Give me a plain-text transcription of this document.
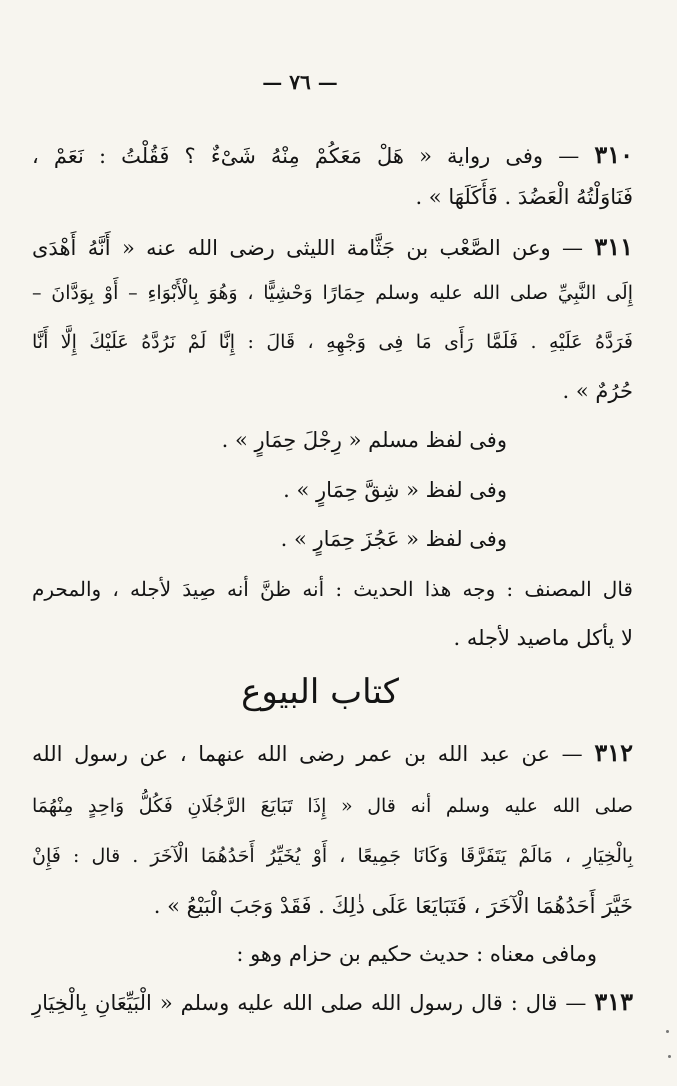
— ٧٦ —
٣١٠ — وفى رواية « هَلْ مَعَكُمْ مِنْهُ شَىْءٌ ؟ فَقُلْتُ : نَعَمْ ،
فَنَاوَلْتُهُ الْعَضُدَ . فَأَكَلَهَا » .
٣١١ — وعن الصَّعْب بن جَثَّامة الليثى رضى الله عنه « أَنَّهُ أَهْدَى
إِلَى النَّبِيِّ صلى الله عليه وسلم حِمَارًا وَحْشِيًّا ، وَهُوَ بِالْأَبْوَاءِ – أَوْ بِوَدَّانَ –
فَرَدَّهُ عَلَيْهِ . فَلَمَّا رَأَى مَا فِى وَجْهِهِ ، قَالَ : إِنَّا لَمْ نَرُدَّهُ عَلَيْكَ إِلَّا أَنَّا
حُرُمٌ » .
وفى لفظ مسلم « رِجْلَ حِمَارٍ » .
وفى لفظ « شِقَّ حِمَارٍ » .
وفى لفظ « عَجُزَ حِمَارٍ » .
قال المصنف : وجه هذا الحديث : أنه ظنَّ أنه صِيدَ لأجله ، والمحرم
لا يأكل ماصيد لأجله .
كتاب البيوع
٣١٢ — عن عبد الله بن عمر رضى الله عنهما ، عن رسول الله
صلى الله عليه وسلم أنه قال « إِذَا تَبَايَعَ الرَّجُلَانِ فَكُلُّ وَاحِدٍ مِنْهُمَا
بِالْخِيَارِ ، مَالَمْ يَتَفَرَّقَا وَكَانَا جَمِيعًا ، أَوْ يُخَيِّرُ أَحَدُهُمَا الْآخَرَ . قال : فَإِنْ
خَيَّرَ أَحَدُهُمَا الْآخَرَ ، فَتَبَايَعَا عَلَى ذٰلِكَ . فَقَدْ وَجَبَ الْبَيْعُ » .
ومافى معناه : حديث حكيم بن حزام وهو :
٣١٣ — قال : قال رسول الله صلى الله عليه وسلم « الْبَيِّعَانِ بِالْخِيَارِ
